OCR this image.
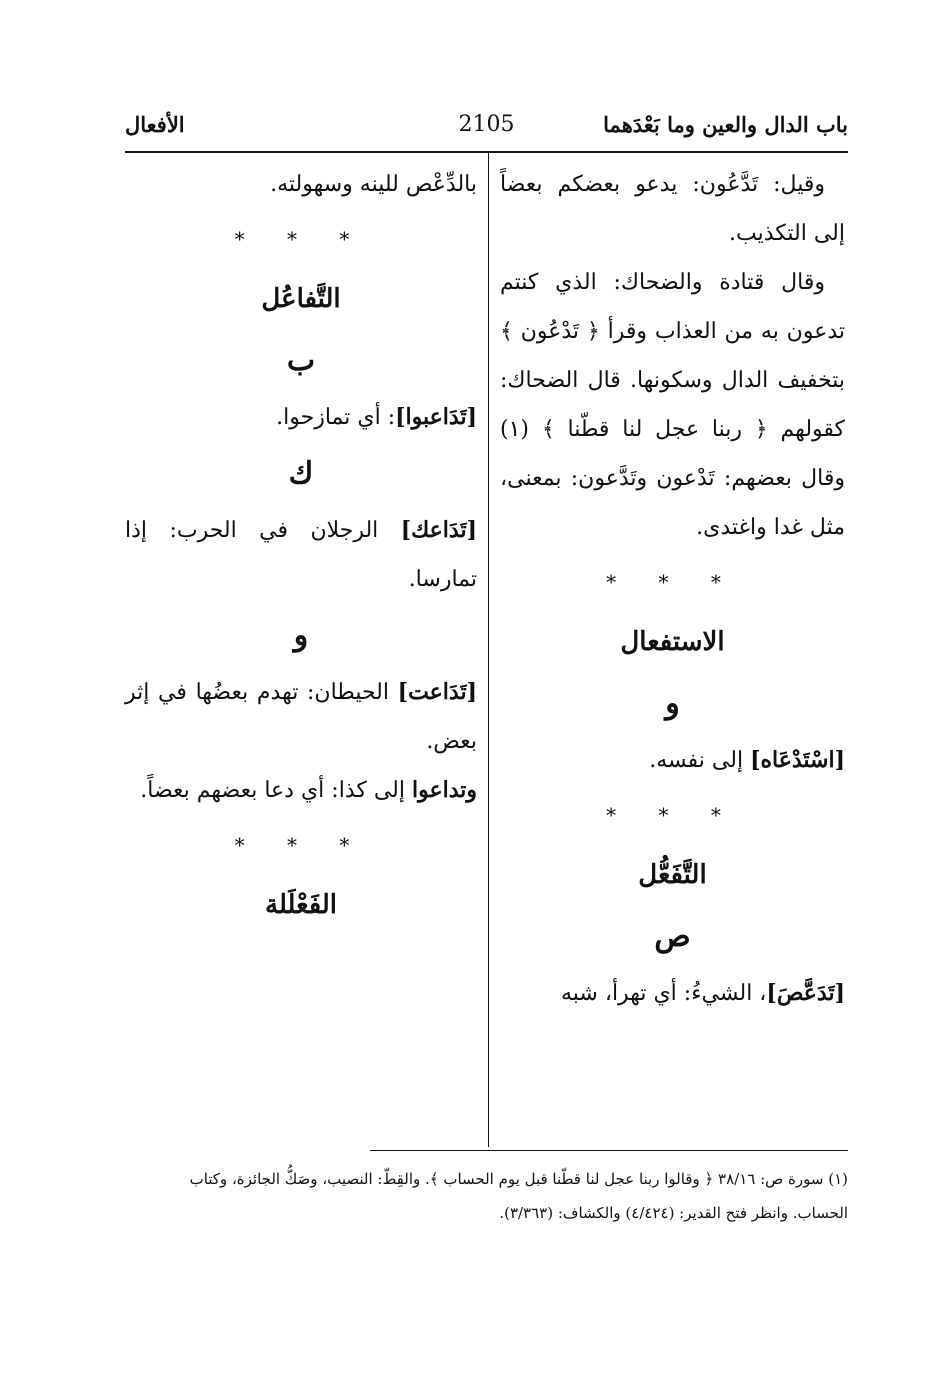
باب الدال والعين وما بَعْدَهما
2105
الأفعال

وقيل: تَدَّعُون: يدعو بعضكم بعضاً إلى التكذيب.

وقال قتادة والضحاك: الذي كنتم تدعون به من العذاب وقرأ ﴿ تَدْعُون ﴾ بتخفيف الدال وسكونها. قال الضحاك: كقولهم ﴿ ربنا عجل لنا قطّنا ﴾ (١) وقال بعضهم: تَدْعون وتَدَّعون: بمعنى، مثل غدا واغتدى.

* * *
الاستفعال
و

[اسْتَدْعَاه] إلى نفسه.

* * *
التَّفَعُّل
ص

[تَدَعَّصَ]، الشيءُ: أي تهرأ، شبه

بالدِّعْص للينه وسهولته.

* * *
التَّفاعُل
ب

[تَدَاعبوا]: أي تمازحوا.

ك

[تَدَاعك] الرجلان في الحرب: إذا تمارسا.

و

[تَدَاعت] الحيطان: تهدم بعضُها في إثر بعض.

وتداعوا إلى كذا: أي دعا بعضهم بعضاً.

* * *
الفَعْلَلة
(١) سورة ص: ٣٨/١٦ ﴿ وقالوا ربنا عجل لنا قطّنا قبل يوم الحساب ﴾. والقِطّ: النصيب، وصَكُّ الجائزة، وكتاب
الحساب. وانظر فتح القدير: (٤/٤٢٤) والكشاف: (٣/٣٦٣).
